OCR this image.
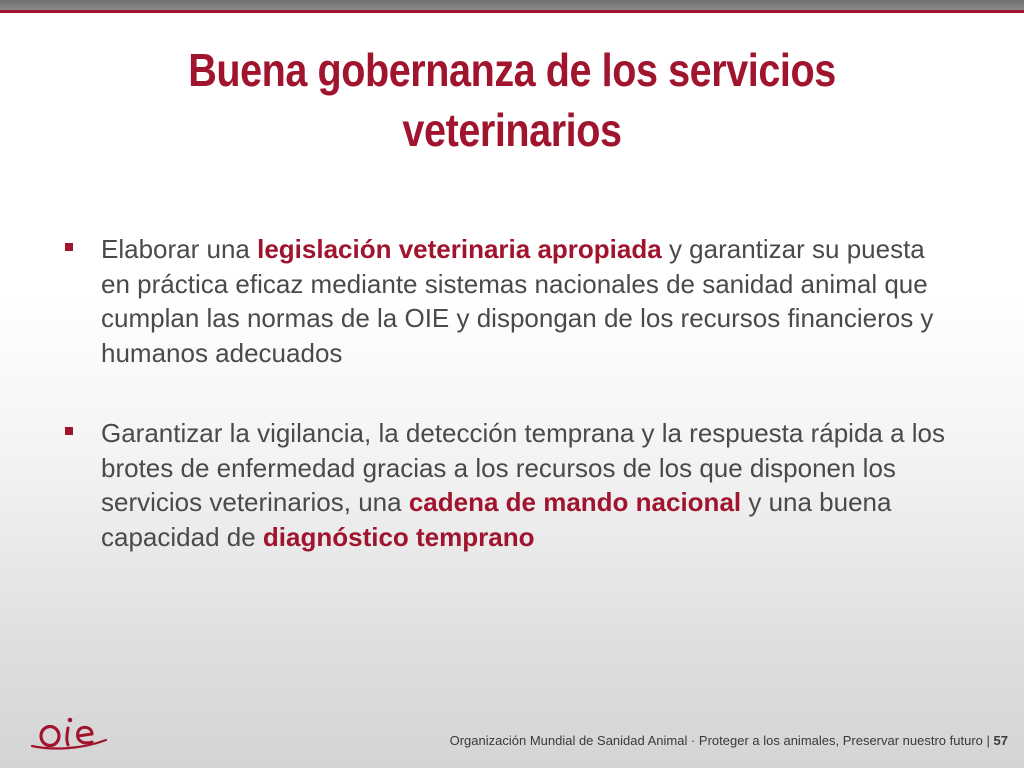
Buena gobernanza de los servicios veterinarios
Elaborar una legislación veterinaria apropiada y garantizar su puesta en práctica eficaz mediante sistemas nacionales de sanidad animal que cumplan las normas de la OIE y dispongan de los recursos financieros y humanos adecuados
Garantizar la vigilancia, la detección temprana y la respuesta rápida a los brotes de enfermedad gracias a los recursos de los que disponen los servicios veterinarios, una cadena de mando nacional y una buena capacidad de diagnóstico temprano
Organización Mundial de Sanidad Animal · Proteger a los animales, Preservar nuestro futuro | 57
